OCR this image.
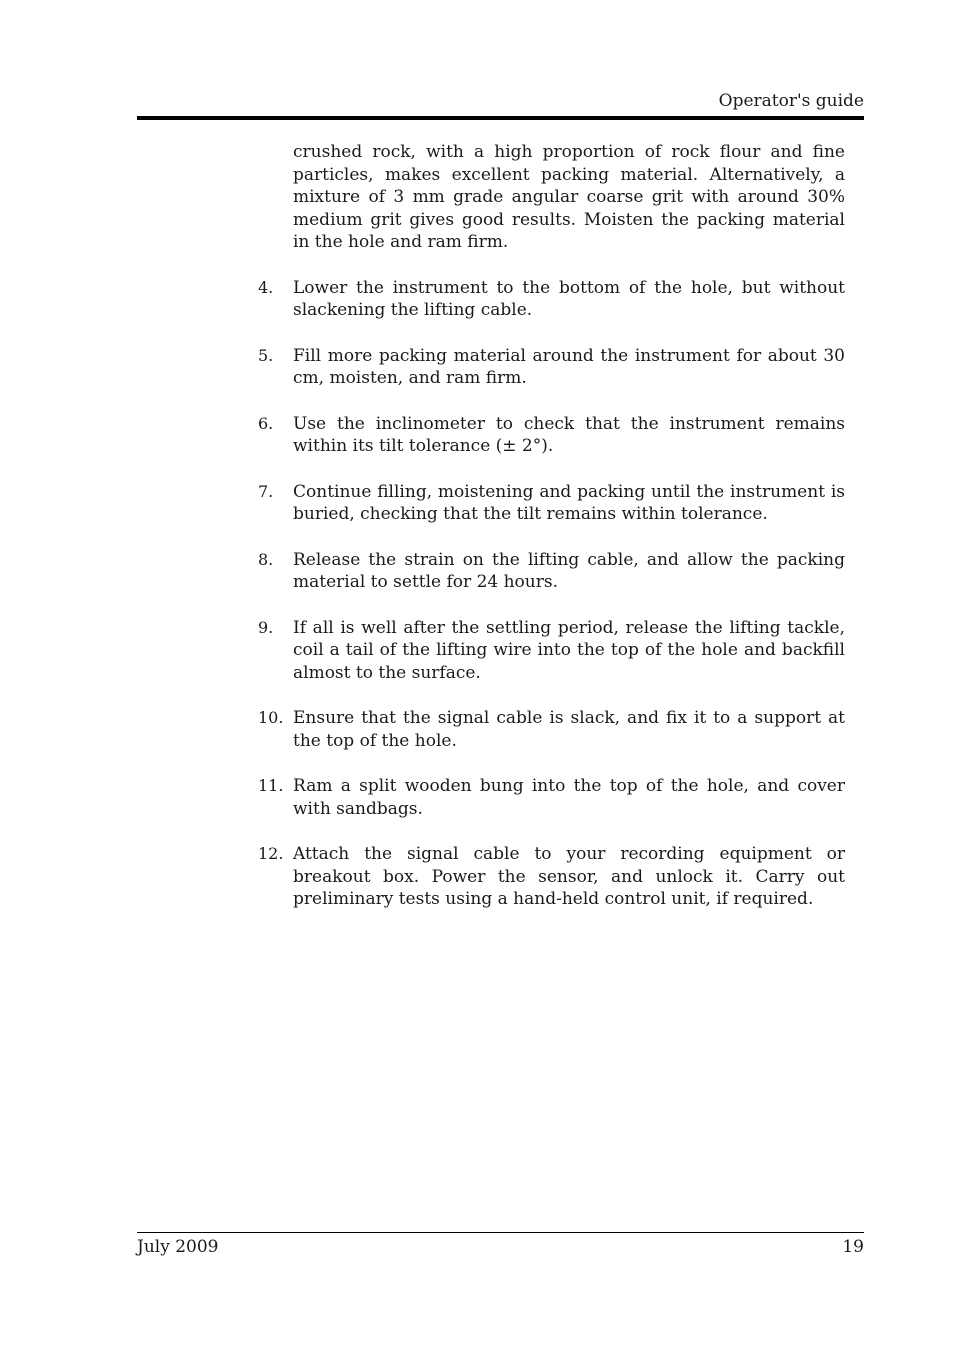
Operator's guide
crushed rock, with a high proportion of rock flour and fine particles, makes excellent packing material. Alternatively, a mixture of 3 mm grade angular coarse grit with around 30% medium grit gives good results. Moisten the packing material in the hole and ram firm.
4.	Lower the instrument to the bottom of the hole, but without slackening the lifting cable.
5.	Fill more packing material around the instrument for about 30 cm, moisten, and ram firm.
6.	Use the inclinometer to check that the instrument remains within its tilt tolerance (± 2°).
7.	Continue filling, moistening and packing until the instrument is buried, checking that the tilt remains within tolerance.
8.	Release the strain on the lifting cable, and allow the packing material to settle for 24 hours.
9.	If all is well after the settling period, release the lifting tackle, coil a tail of the lifting wire into the top of the hole and backfill almost to the surface.
10. Ensure that the signal cable is slack, and fix it to a support at the top of the hole.
11. Ram a split wooden bung into the top of the hole, and cover with sandbags.
12. Attach the signal cable to your recording equipment or breakout box. Power the sensor, and unlock it. Carry out preliminary tests using a hand-held control unit, if required.
July 2009	19
